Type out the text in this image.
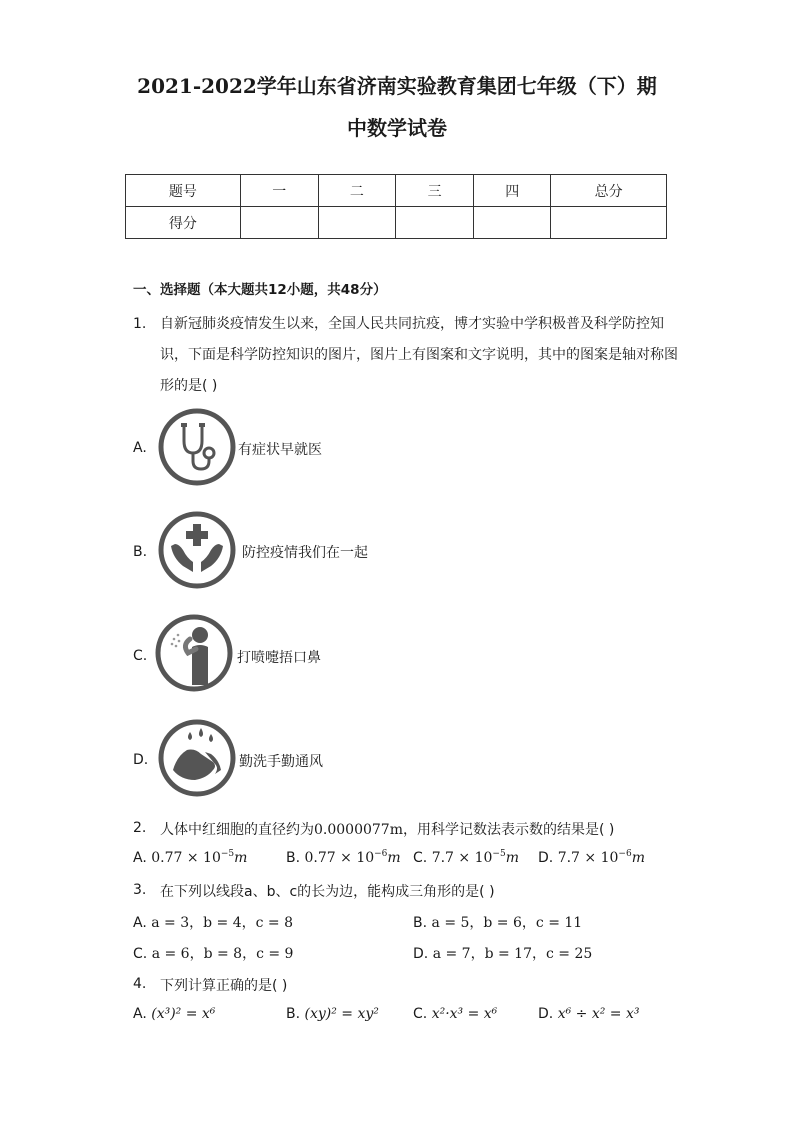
2021-2022学年山东省济南实验教育集团七年级（下）期
中数学试卷
题号	一	二	三	四	总分
得分					
一、选择题（本大题共12小题，共48分）
1. 自新冠肺炎疫情发生以来，全国人民共同抗疫，博才实验中学积极普及科学防控知识，下面是科学防控知识的图片，图片上有图案和文字说明，其中的图案是轴对称图形的是( )
A.	有症状早就医
B.	防控疫情我们在一起
C.	打喷嚏捂口鼻
D.	勤洗手勤通风
2. 人体中红细胞的直径约为0.0000077m，用科学记数法表示数的结果是( )
A. $0.77 \times 10^{-5}m$	B. $0.77 \times 10^{-6}m$ C. $7.7 \times 10^{-5}m$ D. $7.7 \times 10^{-6}m$
3. 在下列以线段a、b、c的长为边，能构成三角形的是( )
A. a = 3，b = 4，c = 8	B. a = 5，b = 6，c = 11
C. a = 6，b = 8，c = 9	D. a = 7，b = 17，c = 25
4. 下列计算正确的是( )
A. (x³)² = x⁶	B. (xy)² = xy² C. x²·x³ = x⁶	D. x⁶ ÷ x² = x³
